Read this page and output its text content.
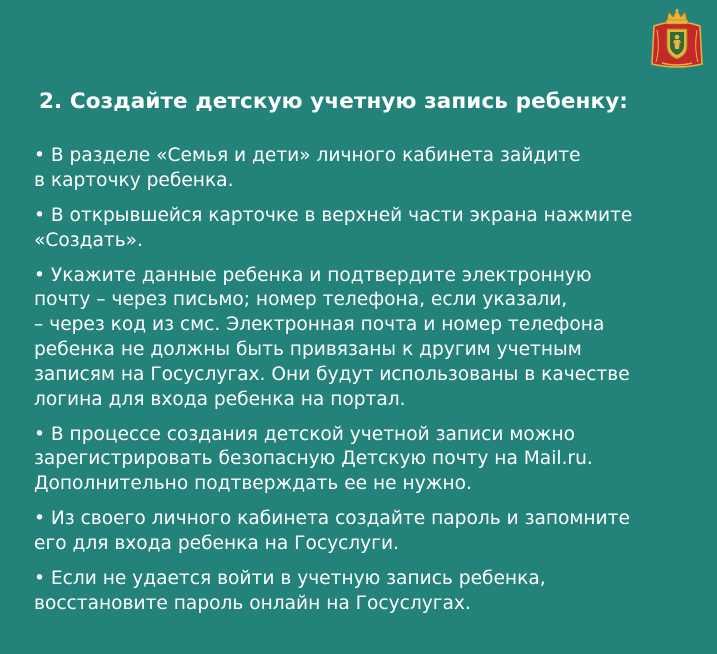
2. Создайте детскую учетную запись ребенку:
• В разделе «Семья и дети» личного кабинета зайдите
в карточку ребенка.
• В открывшейся карточке в верхней части экрана нажмите
«Создать».
• Укажите данные ребенка и подтвердите электронную
почту – через письмо; номер телефона, если указали,
– через код из смс. Электронная почта и номер телефона
ребенка не должны быть привязаны к другим учетным
записям на Госуслугах. Они будут использованы в качестве
логина для входа ребенка на портал.
• В процессе создания детской учетной записи можно
зарегистрировать безопасную Детскую почту на Mail.ru.
Дополнительно подтверждать ее не нужно.
• Из своего личного кабинета создайте пароль и запомните
его для входа ребенка на Госуслуги.
• Если не удается войти в учетную запись ребенка,
восстановите пароль онлайн на Госуслугах.
